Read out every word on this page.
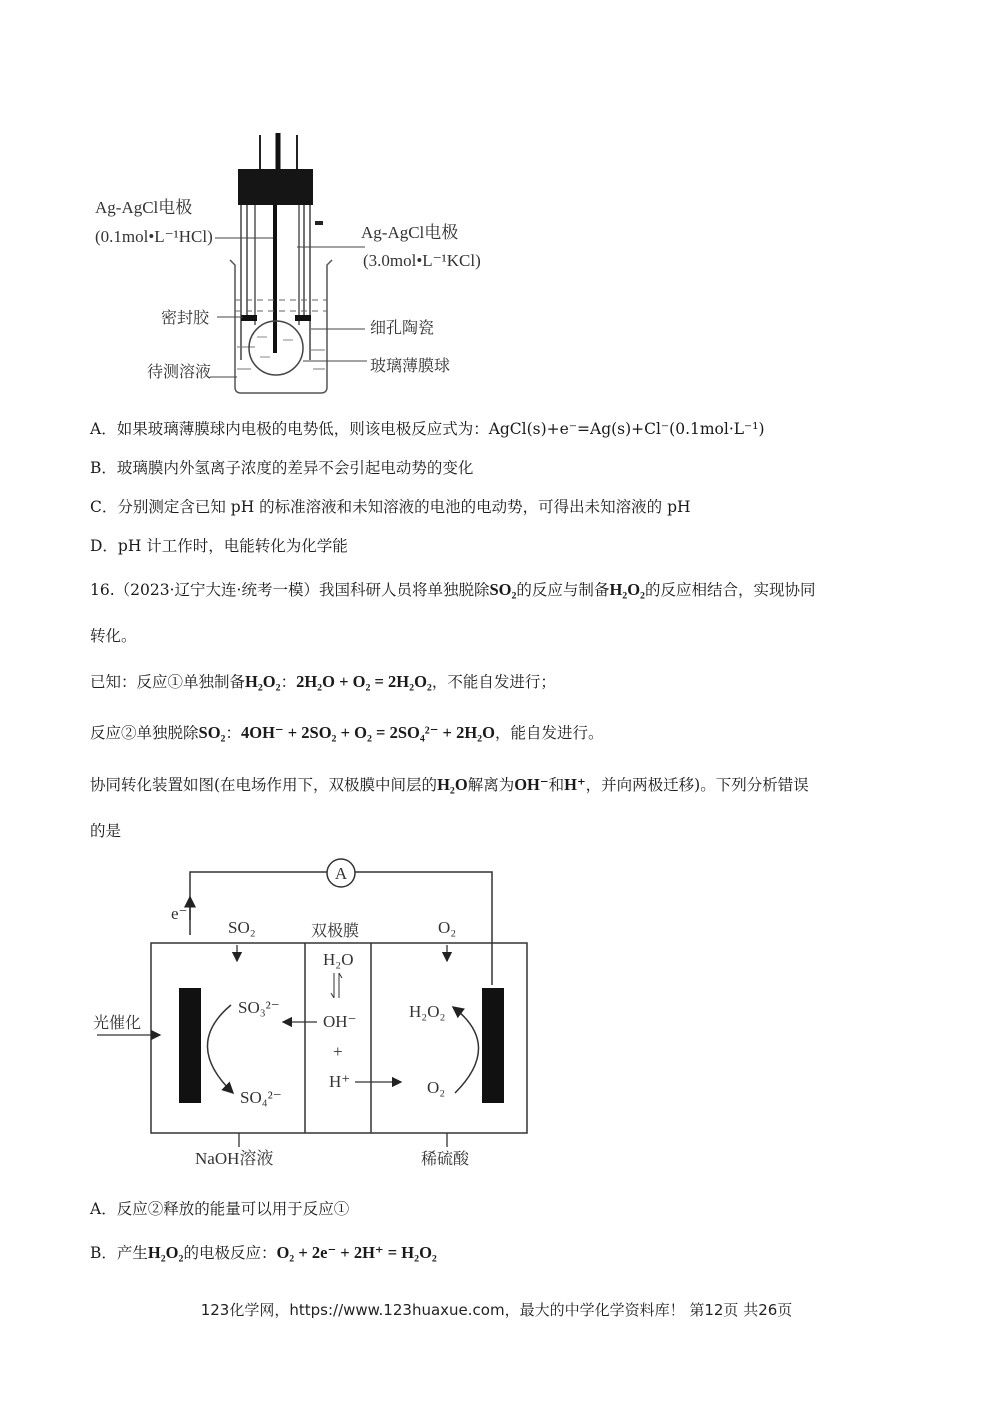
Ag-AgCl电极
(0.1mol•L⁻¹HCl)	Ag-AgCl电极
(3.0mol•L⁻¹KCl)
密封胶
细孔陶瓷
待测溶液	玻璃薄膜球
A．如果玻璃薄膜球内电极的电势低，则该电极反应式为：AgCl(s)+e⁻=Ag(s)+Cl⁻(0.1mol·L⁻¹)
B．玻璃膜内外氢离子浓度的差异不会引起电动势的变化
C．分别测定含已知 pH 的标准溶液和未知溶液的电池的电动势，可得出未知溶液的 pH
D．pH 计工作时，电能转化为化学能
16.（2023·辽宁大连·统考一模）我国科研人员将单独脱除SO₂的反应与制备H₂O₂的反应相结合，实现协同
转化。
已知：反应①单独制备H₂O₂：2H₂O + O₂ = 2H₂O₂，不能自发进行；
反应②单独脱除SO₂：4OH⁻ + 2SO₂ + O₂ = 2SO₄²⁻ + 2H₂O，能自发进行。
协同转化装置如图(在电场作用下，双极膜中间层的H₂O解离为OH⁻和H⁺，并向两极迁移)。下列分析错误
的是
A
e⁻
SO₂	双极膜	O₂
H₂O
OH⁻
+
H⁺
光催化
SO₃²⁻
SO₄²⁻
H₂O₂
O₂
NaOH溶液	稀硫酸
A．反应②释放的能量可以用于反应①
B．产生H₂O₂的电极反应：O₂ + 2e⁻ + 2H⁺ = H₂O₂
123化学网，https://www.123huaxue.com，最大的中学化学资料库！ 第12页 共26页
